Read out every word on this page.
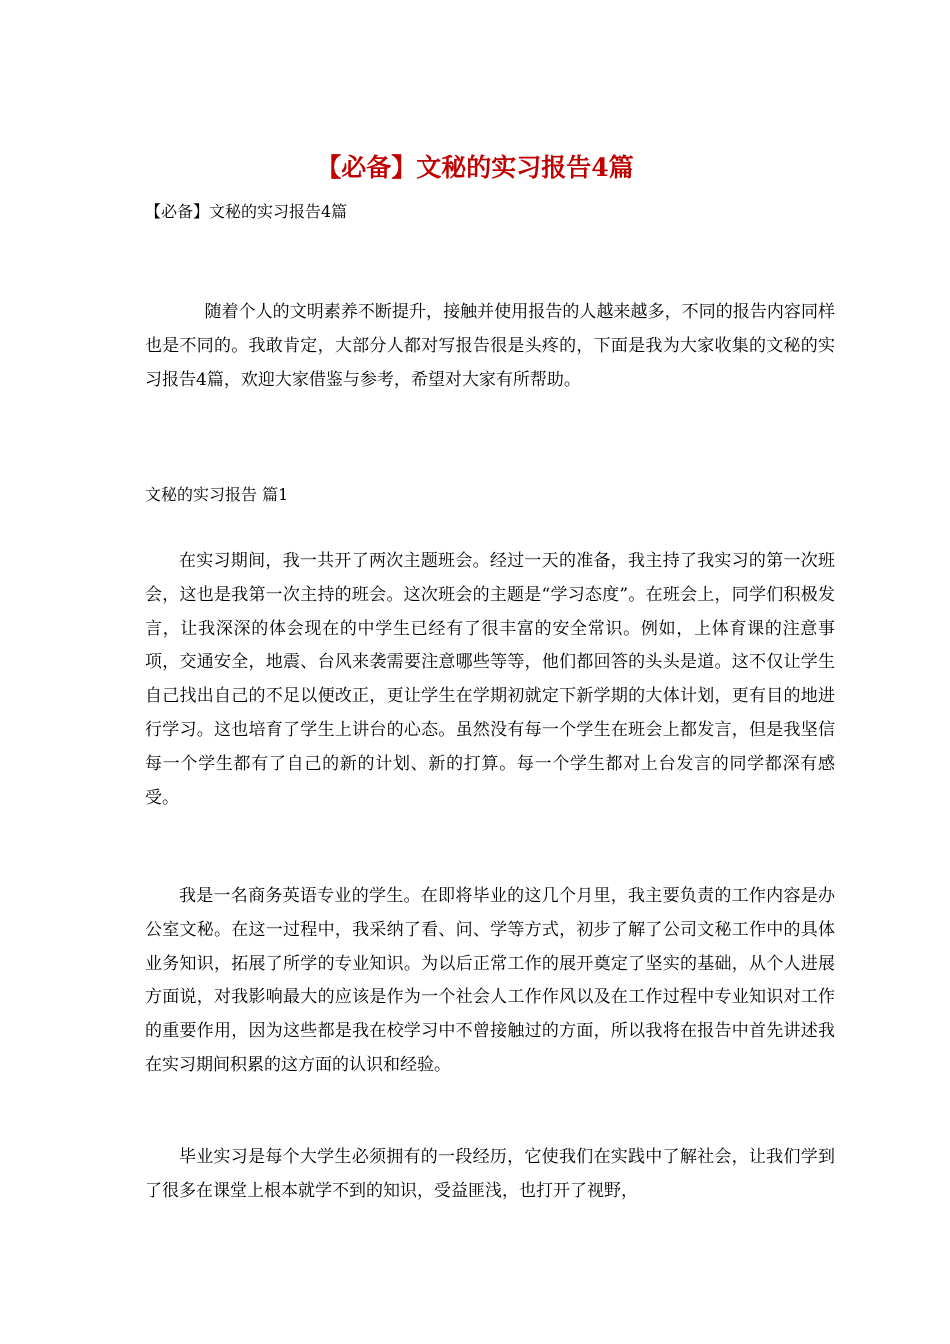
【必备】文秘的实习报告4篇
【必备】文秘的实习报告4篇

随着个人的文明素养不断提升，接触并使用报告的人越来越多，不同的报告内容同样也是不同的。我敢肯定，大部分人都对写报告很是头疼的，下面是我为大家收集的文秘的实习报告4篇，欢迎大家借鉴与参考，希望对大家有所帮助。

文秘的实习报告 篇1

在实习期间，我一共开了两次主题班会。经过一天的准备，我主持了我实习的第一次班会，这也是我第一次主持的班会。这次班会的主题是“学习态度”。在班会上，同学们积极发言，让我深深的体会现在的中学生已经有了很丰富的安全常识。例如，上体育课的注意事项，交通安全，地震、台风来袭需要注意哪些等等，他们都回答的头头是道。这不仅让学生自己找出自己的不足以便改正，更让学生在学期初就定下新学期的大体计划，更有目的地进行学习。这也培育了学生上讲台的心态。虽然没有每一个学生在班会上都发言，但是我坚信每一个学生都有了自己的新的计划、新的打算。每一个学生都对上台发言的同学都深有感受。

我是一名商务英语专业的学生。在即将毕业的这几个月里，我主要负责的工作内容是办公室文秘。在这一过程中，我采纳了看、问、学等方式，初步了解了公司文秘工作中的具体业务知识，拓展了所学的专业知识。为以后正常工作的展开奠定了坚实的基础，从个人进展方面说，对我影响最大的应该是作为一个社会人工作作风以及在工作过程中专业知识对工作的重要作用，因为这些都是我在校学习中不曾接触过的方面，所以我将在报告中首先讲述我在实习期间积累的这方面的认识和经验。

毕业实习是每个大学生必须拥有的一段经历，它使我们在实践中了解社会，让我们学到了很多在课堂上根本就学不到的知识，受益匪浅，也打开了视野，
